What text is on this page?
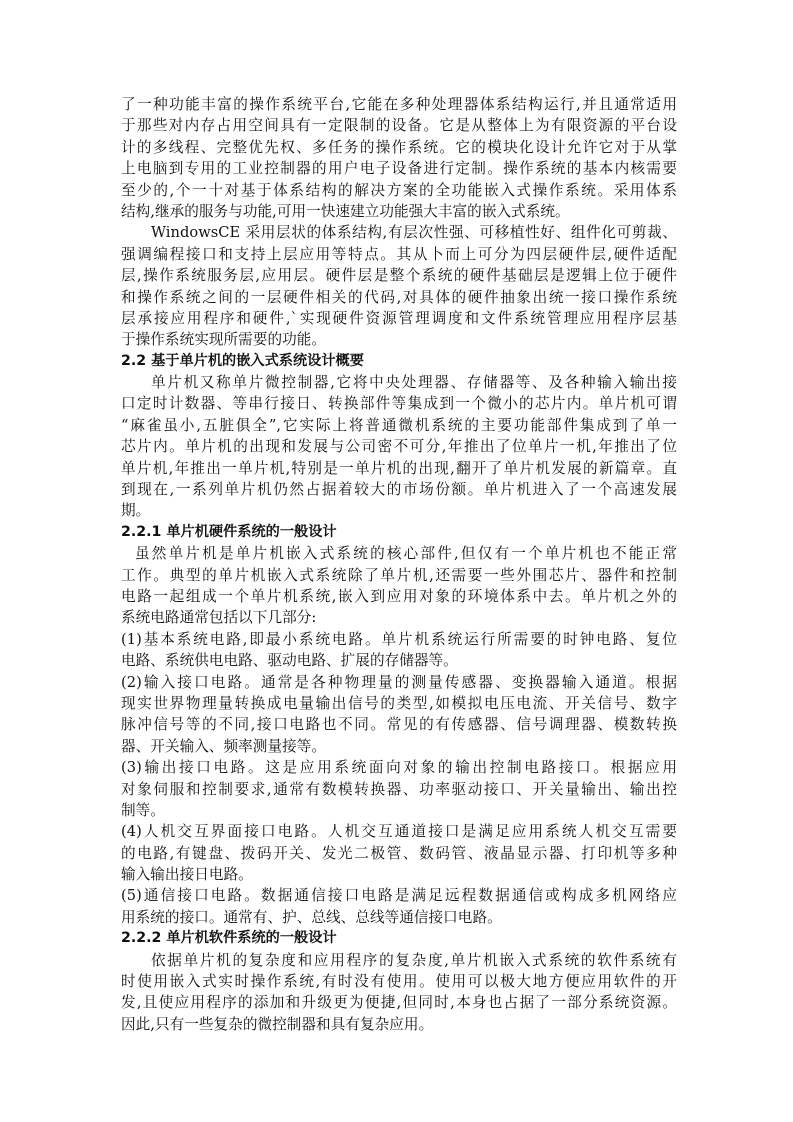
了一种功能丰富的操作系统平台,它能在多种处理器体系结构运行,并且通常适用
于那些对内存占用空间具有一定限制的设备。它是从整体上为有限资源的平台设
计的多线程、完整优先权、多任务的操作系统。它的模块化设计允许它对于从掌
上电脑到专用的工业控制器的用户电子设备进行定制。操作系统的基本内核需要
至少的,个一十对基于体系结构的解决方案的全功能嵌入式操作系统。采用体系
结构,继承的服务与功能,可用一快速建立功能强大丰富的嵌入式系统。
WindowsCE 采用层状的体系结构,有层次性强、可移植性好、组件化可剪裁、
强调编程接口和支持上层应用等特点。其从卜而上可分为四层硬件层,硬件适配
层,操作系统服务层,应用层。硬件层是整个系统的硬件基础层是逻辑上位于硬件
和操作系统之间的一层硬件相关的代码,对具体的硬件抽象出统一接口操作系统
层承接应用程序和硬件,`实现硬件资源管理调度和文件系统管理应用程序层基
于操作系统实现所需要的功能。
2.2 基于单片机的嵌入式系统设计概要
单片机又称单片微控制器,它将中央处理器、存储器等、及各种输入输出接
口定时计数器、等串行接日、转换部件等集成到一个微小的芯片内。单片机可谓
“麻雀虽小,五脏俱全”,它实际上将普通微机系统的主要功能部件集成到了单一
芯片内。单片机的出现和发展与公司密不可分,年推出了位单片一机,年推出了位
单片机,年推出一单片机,特别是一单片机的出现,翻开了单片机发展的新篇章。直
到现在,一系列单片机仍然占据着较大的市场份额。单片机进入了一个高速发展
期。
2.2.1 单片机硬件系统的一般设计
虽然单片机是单片机嵌入式系统的核心部件,但仅有一个单片机也不能正常
工作。典型的单片机嵌入式系统除了单片机,还需要一些外围芯片、器件和控制
电路一起组成一个单片机系统,嵌入到应用对象的环境体系中去。单片机之外的
系统电路通常包括以下几部分:
(1)基本系统电路,即最小系统电路。单片机系统运行所需要的时钟电路、复位
电路、系统供电电路、驱动电路、扩展的存储器等。
(2)输入接口电路。通常是各种物理量的测量传感器、变换器输入通道。根据
现实世界物理量转换成电量输出信号的类型,如模拟电压电流、开关信号、数字
脉冲信号等的不同,接口电路也不同。常见的有传感器、信号调理器、模数转换
器、开关输入、频率测量接等。
(3)输出接口电路。这是应用系统面向对象的输出控制电路接口。根据应用
对象伺服和控制要求,通常有数模转换器、功率驱动接口、开关量输出、输出控
制等。
(4)人机交互界面接口电路。人机交互通道接口是满足应用系统人机交互需要
的电路,有键盘、拨码开关、发光二极管、数码管、液晶显示器、打印机等多种
输入输出接日电路。
(5)通信接口电路。数据通信接口电路是满足远程数据通信或构成多机网络应
用系统的接口。通常有、护、总线、总线等通信接口电路。
2.2.2 单片机软件系统的一般设计
依据单片机的复杂度和应用程序的复杂度,单片机嵌入式系统的软件系统有
时使用嵌入式实时操作系统,有时没有使用。使用可以极大地方便应用软件的开
发,且使应用程序的添加和升级更为便捷,但同时,本身也占据了一部分系统资源。
因此,只有一些复杂的微控制器和具有复杂应用。
